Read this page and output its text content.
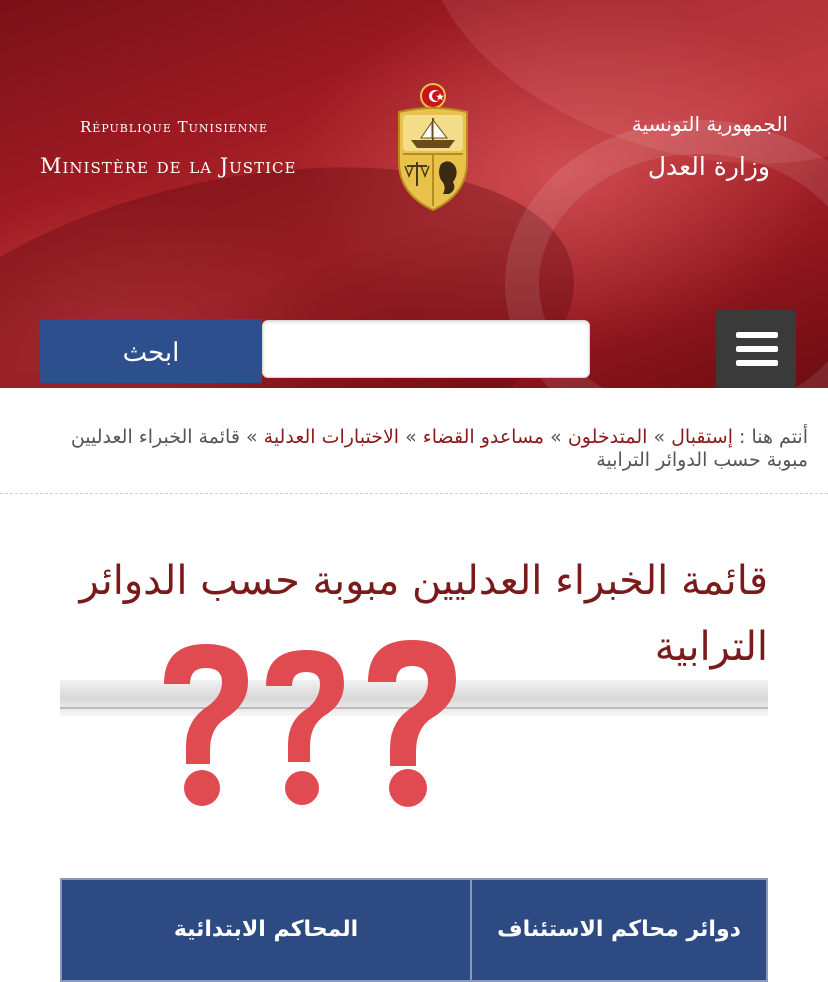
République Tunisienne
Ministère de la Justice
الجمهورية التونسية
وزارة العدل
ابحث
أنتم هنا : إستقبال » المتدخلون » مساعدو القضاء » الاختبارات العدلية » قائمة الخبراء العدليين مبوبة حسب الدوائر الترابية
قائمة الخبراء العدليين مبوبة حسب الدوائر الترابية
دوائر محاكم الاستئناف	المحاكم الابتدائية
